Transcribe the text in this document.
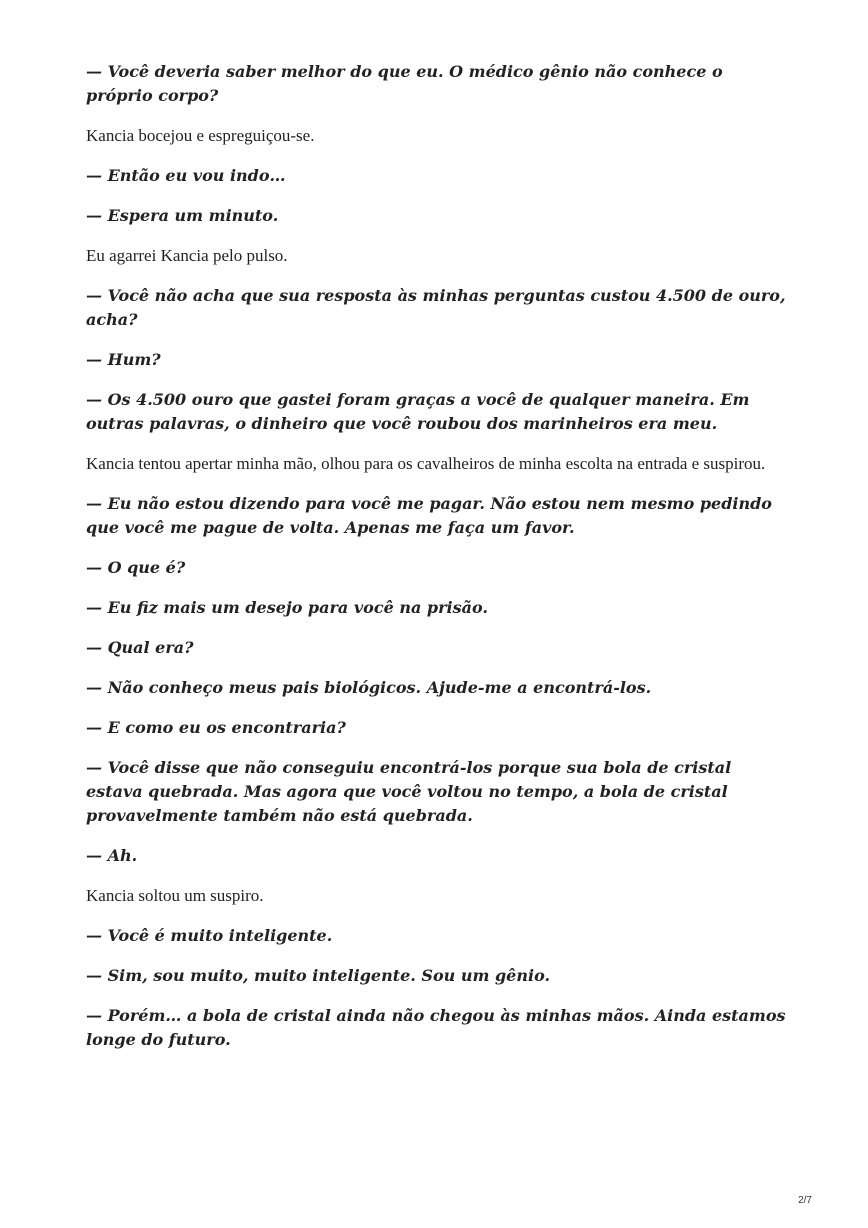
— Você deveria saber melhor do que eu. O médico gênio não conhece o próprio corpo?

Kancia bocejou e espreguiçou-se.

— Então eu vou indo…

— Espera um minuto.

Eu agarrei Kancia pelo pulso.

— Você não acha que sua resposta às minhas perguntas custou 4.500 de ouro, acha?

— Hum?

— Os 4.500 ouro que gastei foram graças a você de qualquer maneira. Em outras palavras, o dinheiro que você roubou dos marinheiros era meu.

Kancia tentou apertar minha mão, olhou para os cavalheiros de minha escolta na entrada e suspirou.

— Eu não estou dizendo para você me pagar. Não estou nem mesmo pedindo que você me pague de volta. Apenas me faça um favor.

— O que é?

— Eu fiz mais um desejo para você na prisão.

— Qual era?

— Não conheço meus pais biológicos. Ajude-me a encontrá-los.

— E como eu os encontraria?

— Você disse que não conseguiu encontrá-los porque sua bola de cristal estava quebrada. Mas agora que você voltou no tempo, a bola de cristal provavelmente também não está quebrada.

— Ah.

Kancia soltou um suspiro.

— Você é muito inteligente.

— Sim, sou muito, muito inteligente. Sou um gênio.

— Porém… a bola de cristal ainda não chegou às minhas mãos. Ainda estamos longe do futuro.

2/7
